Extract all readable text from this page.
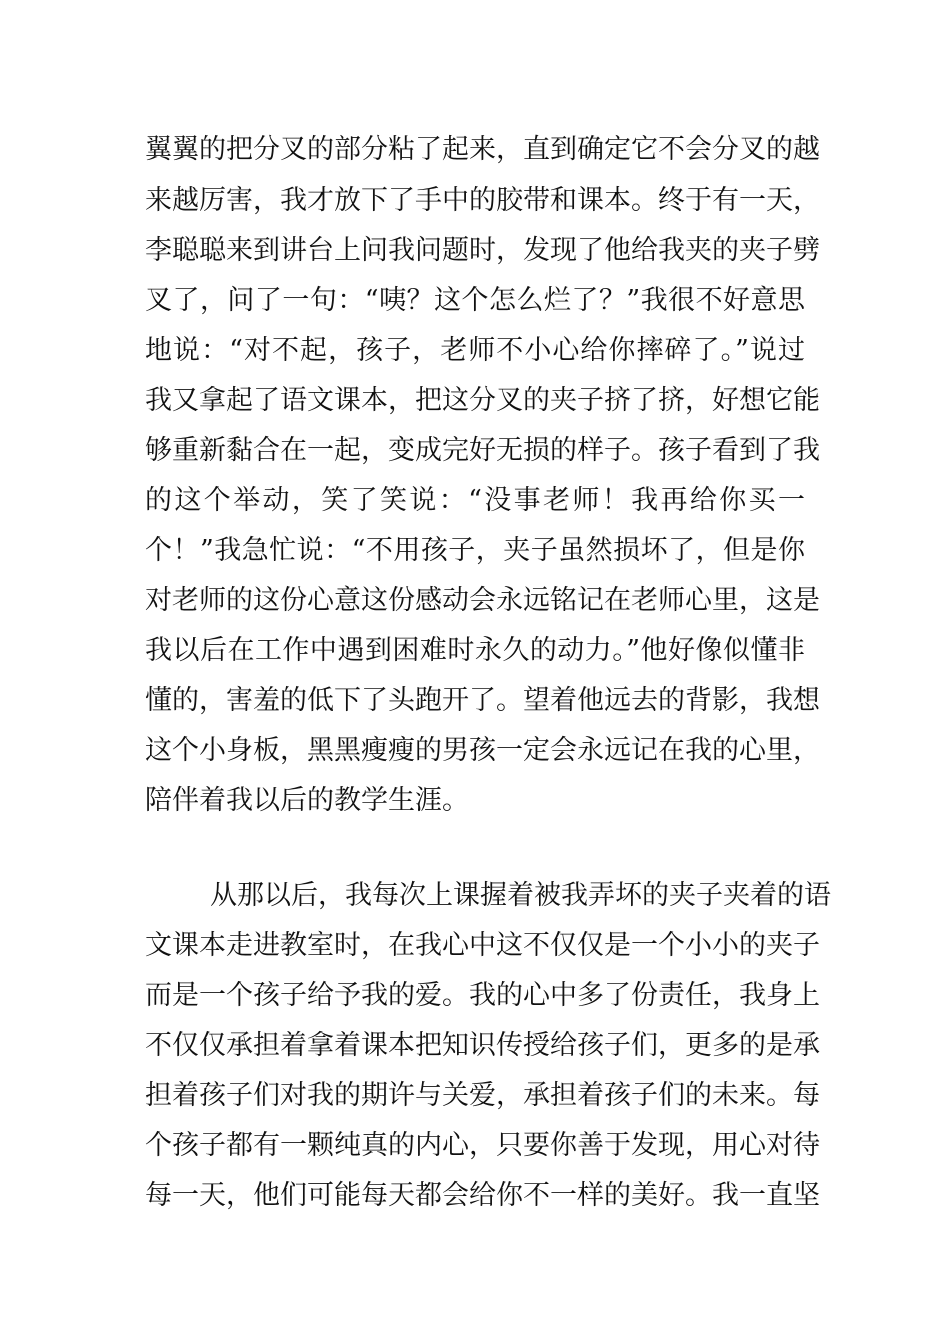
翼翼的把分叉的部分粘了起来，直到确定它不会分叉的越
来越厉害，我才放下了手中的胶带和课本。终于有一天，
李聪聪来到讲台上问我问题时，发现了他给我夹的夹子劈
叉了，问了一句：“咦？这个怎么烂了？”我很不好意思
地说：“对不起，孩子，老师不小心给你摔碎了。”说过
我又拿起了语文课本，把这分叉的夹子挤了挤，好想它能
够重新黏合在一起，变成完好无损的样子。孩子看到了我
的这个举动，笑了笑说：“没事老师！我再给你买一
个！”我急忙说：“不用孩子，夹子虽然损坏了，但是你
对老师的这份心意这份感动会永远铭记在老师心里，这是
我以后在工作中遇到困难时永久的动力。”他好像似懂非
懂的，害羞的低下了头跑开了。望着他远去的背影，我想
这个小身板，黑黑瘦瘦的男孩一定会永远记在我的心里，
陪伴着我以后的教学生涯。
从那以后，我每次上课握着被我弄坏的夹子夹着的语
文课本走进教室时，在我心中这不仅仅是一个小小的夹子
而是一个孩子给予我的爱。我的心中多了份责任，我身上
不仅仅承担着拿着课本把知识传授给孩子们，更多的是承
担着孩子们对我的期许与关爱，承担着孩子们的未来。每
个孩子都有一颗纯真的内心，只要你善于发现，用心对待
每一天，他们可能每天都会给你不一样的美好。我一直坚
